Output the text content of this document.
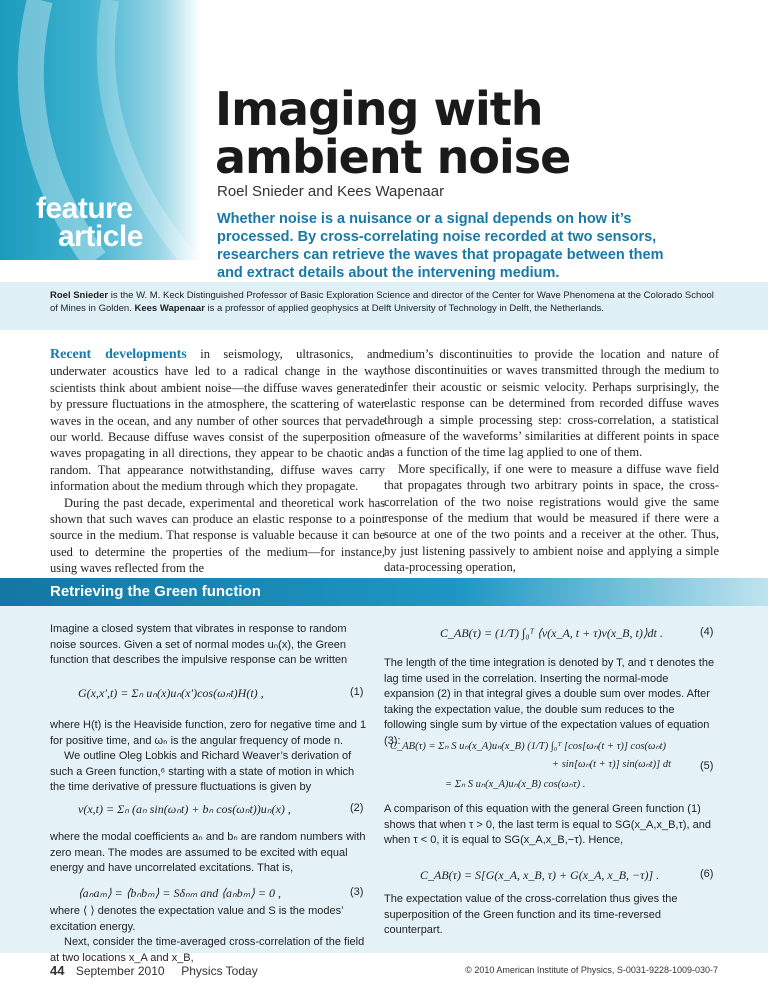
feature
article
Imaging with
ambient noise
Roel Snieder and Kees Wapenaar
Whether noise is a nuisance or a signal depends on how it’s processed. By cross-correlating noise recorded at two sensors, researchers can retrieve the waves that propagate between them and extract details about the intervening medium.

Roel Snieder is the W. M. Keck Distinguished Professor of Basic Exploration Science and director of the Center for Wave Phenomena at the Colorado School of Mines in Golden. Kees Wapenaar is a professor of applied geophysics at Delft University of Technology in Delft, the Netherlands.

Recent developments in seismology, ultrasonics, and underwater acoustics have led to a radical change in the way scientists think about ambient noise—the diffuse waves generated by pressure fluctuations in the atmosphere, the scattering of water waves in the ocean, and any number of other sources that pervade our world. Because diffuse waves consist of the superposition of waves propagating in all directions, they appear to be chaotic and random. That appearance notwithstanding, diffuse waves carry information about the medium through which they propagate.

During the past decade, experimental and theoretical work has shown that such waves can produce an elastic response to a point source in the medium. That response is valuable because it can be used to determine the properties of the medium—for instance, using waves reflected from the

medium’s discontinuities to provide the location and nature of those discontinuities or waves transmitted through the medium to infer their acoustic or seismic velocity. Perhaps surprisingly, the elastic response can be determined from recorded diffuse waves through a simple processing step: cross-correlation, a statistical measure of the waveforms’ similarities at different points in space as a function of the time lag applied to one of them.

More specifically, if one were to measure a diffuse wave field that propagates through two arbitrary points in space, the cross-correlation of the two noise registrations would give the same response of the medium that would be measured if there were a source at one of the two points and a receiver at the other. Thus, by just listening passively to ambient noise and applying a simple data-processing operation,

Retrieving the Green function

Imagine a closed system that vibrates in response to random noise sources. Given a set of normal modes uₙ(x), the Green function that describes the impulsive response can be written

G(x,x′,t) = Σₙ uₙ(x)uₙ(x′)cos(ωₙt)H(t) ,	(1)

where H(t) is the Heaviside function, zero for negative time and 1 for positive time, and ωₙ is the angular frequency of mode n.

We outline Oleg Lobkis and Richard Weaver’s derivation of such a Green function,⁶ starting with a state of motion in which the time derivative of pressure fluctuations is given by

v(x,t) = Σₙ (aₙ sin(ωₙt) + bₙ cos(ωₙt))uₙ(x) ,	(2)

where the modal coefficients aₙ and bₙ are random numbers with zero mean. The modes are assumed to be excited with equal energy and have uncorrelated excitations. That is,

⟨aₙaₘ⟩ = ⟨bₙbₘ⟩ = Sδₙₘ and ⟨aₙbₘ⟩ = 0 ,	(3)

where ⟨ ⟩ denotes the expectation value and S is the modes’ excitation energy.

Next, consider the time-averaged cross-correlation of the field at two locations x_A and x_B,

C_AB(τ) = (1/T) ∫₀ᵀ ⟨v(x_A, t + τ)v(x_B, t)⟩dt .	(4)

The length of the time integration is denoted by T, and τ denotes the lag time used in the correlation. Inserting the normal-mode expansion (2) in that integral gives a double sum over modes. After taking the expectation value, the double sum reduces to the following single sum by virtue of the expectation values of equation (3):

C_AB(τ) = Σₙ S uₙ(x_A)uₙ(x_B) (1/T) ∫₀ᵀ [cos[ωₙ(t + τ)] cos(ωₙt)
+ sin[ωₙ(t + τ)] sin(ωₙt)] dt
= Σₙ S uₙ(x_A)uₙ(x_B) cos(ωₙτ) .
(5)

A comparison of this equation with the general Green function (1) shows that when τ > 0, the last term is equal to SG(x_A,x_B,τ), and when τ < 0, it is equal to SG(x_A,x_B,−τ). Hence,

C_AB(τ) = S[G(x_A, x_B, τ) + G(x_A, x_B, −τ)] .	(6)

The expectation value of the cross-correlation thus gives the superposition of the Green function and its time-reversed counterpart.

44 September 2010 Physics Today	© 2010 American Institute of Physics, S-0031-9228-1009-030-7
